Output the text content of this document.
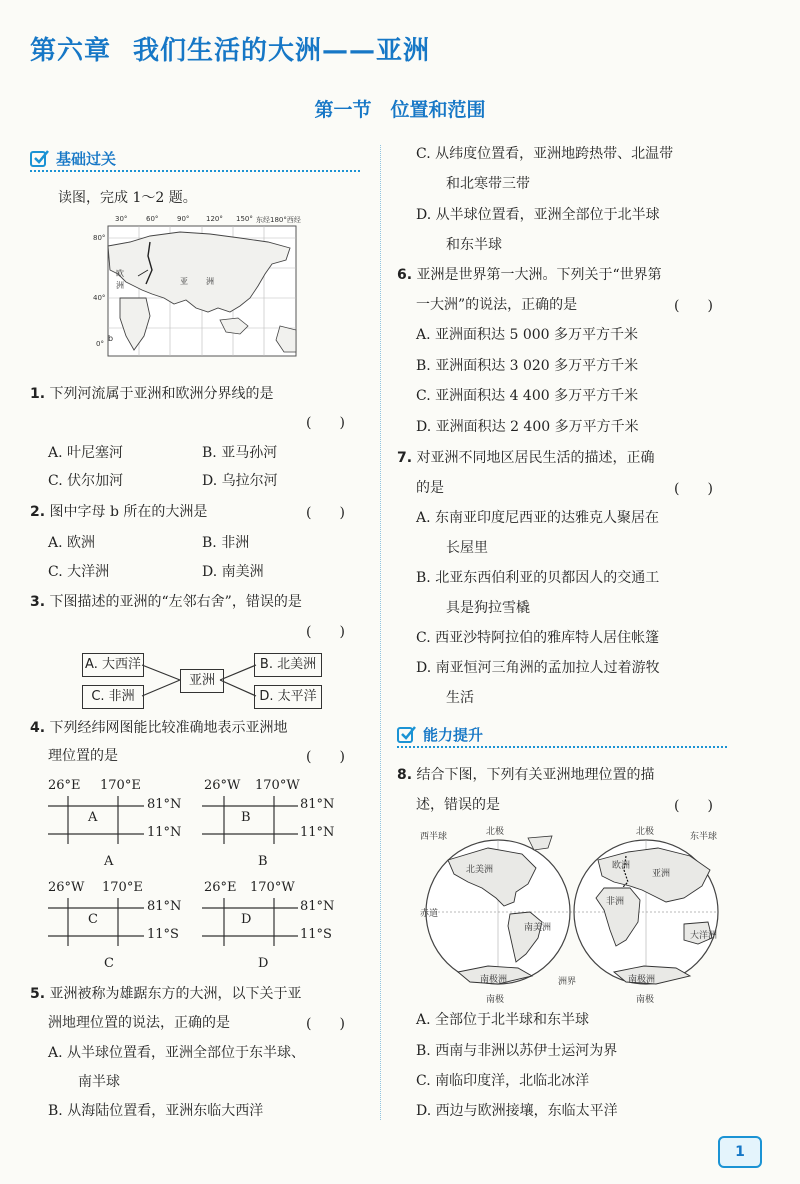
第六章 我们生活的大洲——亚洲
第一节　位置和范围
基础过关
读图，完成 1～2 题。
30°	60°	90° 120° 150° 东经180°西经
80°
40°
0°
欧
洲	亚 洲
b
1. 下列河流属于亚洲和欧洲分界线的是
(　　)
A. 叶尼塞河	B. 亚马孙河
C. 伏尔加河	D. 乌拉尔河
2. 图中字母 b 所在的大洲是	(　　)
A. 欧洲	B. 非洲
C. 大洋洲	D. 南美洲
3. 下图描述的亚洲的“左邻右舍”，错误的是
(　　)
A. 大西洋
C. 非洲
亚洲
B. 北美洲
D. 太平洋
4. 下列经纬网图能比较准确地表示亚洲地
理位置的是	(　　)
26°E 170°E
A
81°N
11°N
A
26°W 170°W
B
81°N
11°N
B
26°W 170°E
C
81°N
11°S
C
26°E 170°W
D
81°N
11°S
D
5. 亚洲被称为雄踞东方的大洲，以下关于亚
洲地理位置的说法，正确的是	(　　)
A. 从半球位置看，亚洲全部位于东半球、
南半球
B. 从海陆位置看，亚洲东临大西洋
C. 从纬度位置看，亚洲地跨热带、北温带
和北寒带三带
D. 从半球位置看，亚洲全部位于北半球
和东半球
6. 亚洲是世界第一大洲。下列关于“世界第
一大洲”的说法，正确的是	(　　)
A. 亚洲面积达 5 000 多万平方千米
B. 亚洲面积达 3 020 多万平方千米
C. 亚洲面积达 4 400 多万平方千米
D. 亚洲面积达 2 400 多万平方千米
7. 对亚洲不同地区居民生活的描述，正确
的是	(　　)
A. 东南亚印度尼西亚的达雅克人聚居在
长屋里
B. 北亚东西伯利亚的贝都因人的交通工
具是狗拉雪橇
C. 西亚沙特阿拉伯的雅库特人居住帐篷
D. 南亚恒河三角洲的孟加拉人过着游牧
生活
能力提升
8. 结合下图，下列有关亚洲地理位置的描
述，错误的是	(　　)
西半球	北极	北极	东半球
北美洲
南美洲
欧洲
非洲
亚洲
大洋洲
赤道
南极洲	南极洲
南极	南极
洲界
A. 全部位于北半球和东半球
B. 西南与非洲以苏伊士运河为界
C. 南临印度洋，北临北冰洋
D. 西边与欧洲接壤，东临太平洋
1
